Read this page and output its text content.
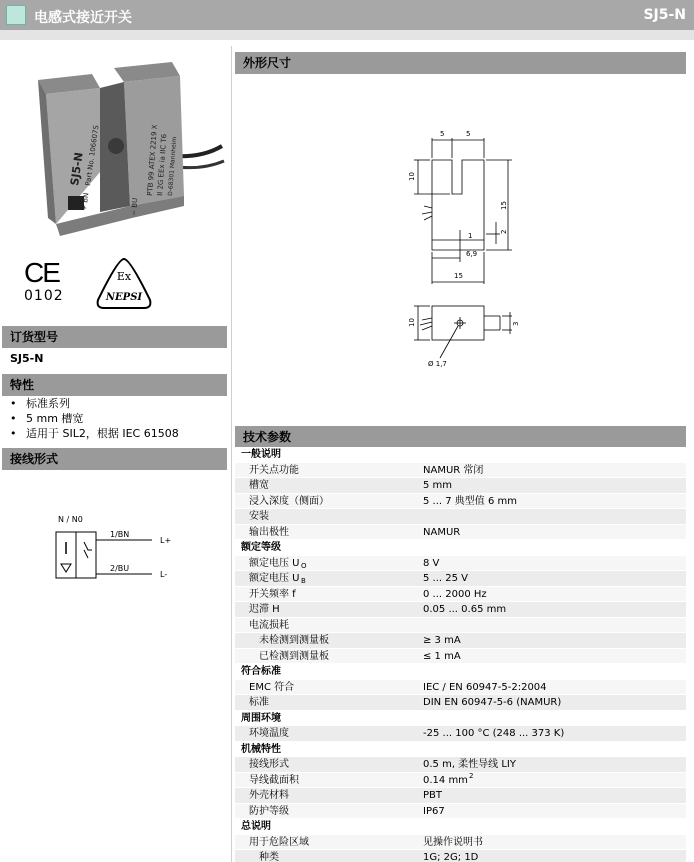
电感式接近开关	SJ5-N
SJ5-N
Part No. 106607S	PTB 99 ATEX 2219 X
II 2G EEx ia IIC T6
D-68301 Mannheim
+ BN	− BU
CE
0102
Ex
NEPSI
订货型号
SJ5-N
特性
• 标准系列
• 5 mm 槽宽
• 适用于 SIL2，根据 IEC 61508
接线形式
N / N0
1/BN
2/BU
L+
L-
外形尺寸
5	5
10
15
2
1
6,9
15
10	3
Ø 1,7
技术参数
一般说明
开关点功能	NAMUR 常闭
槽宽	5 mm
浸入深度（侧面）	5 ... 7 典型值 6 mm
安装
输出极性	NAMUR
额定等级
额定电压 U O	8 V
额定电压 U B	5 ... 25 V
开关频率 f	0 ... 2000 Hz
迟滞 H	0.05 ... 0.65 mm
电流损耗
未检测到测量板	≥ 3 mA
已检测到测量板	≤ 1 mA
符合标准
EMC 符合	IEC / EN 60947-5-2:2004
标准	DIN EN 60947-5-6 (NAMUR)
周围环境
环境温度	-25 ... 100 °C (248 ... 373 K)
机械特性
接线形式	0.5 m, 柔性导线 LIY
导线截面积	0.14 mm 2
外壳材料	PBT
防护等级	IP67
总说明
用于危险区域	见操作说明书
种类	1G; 2G; 1D
